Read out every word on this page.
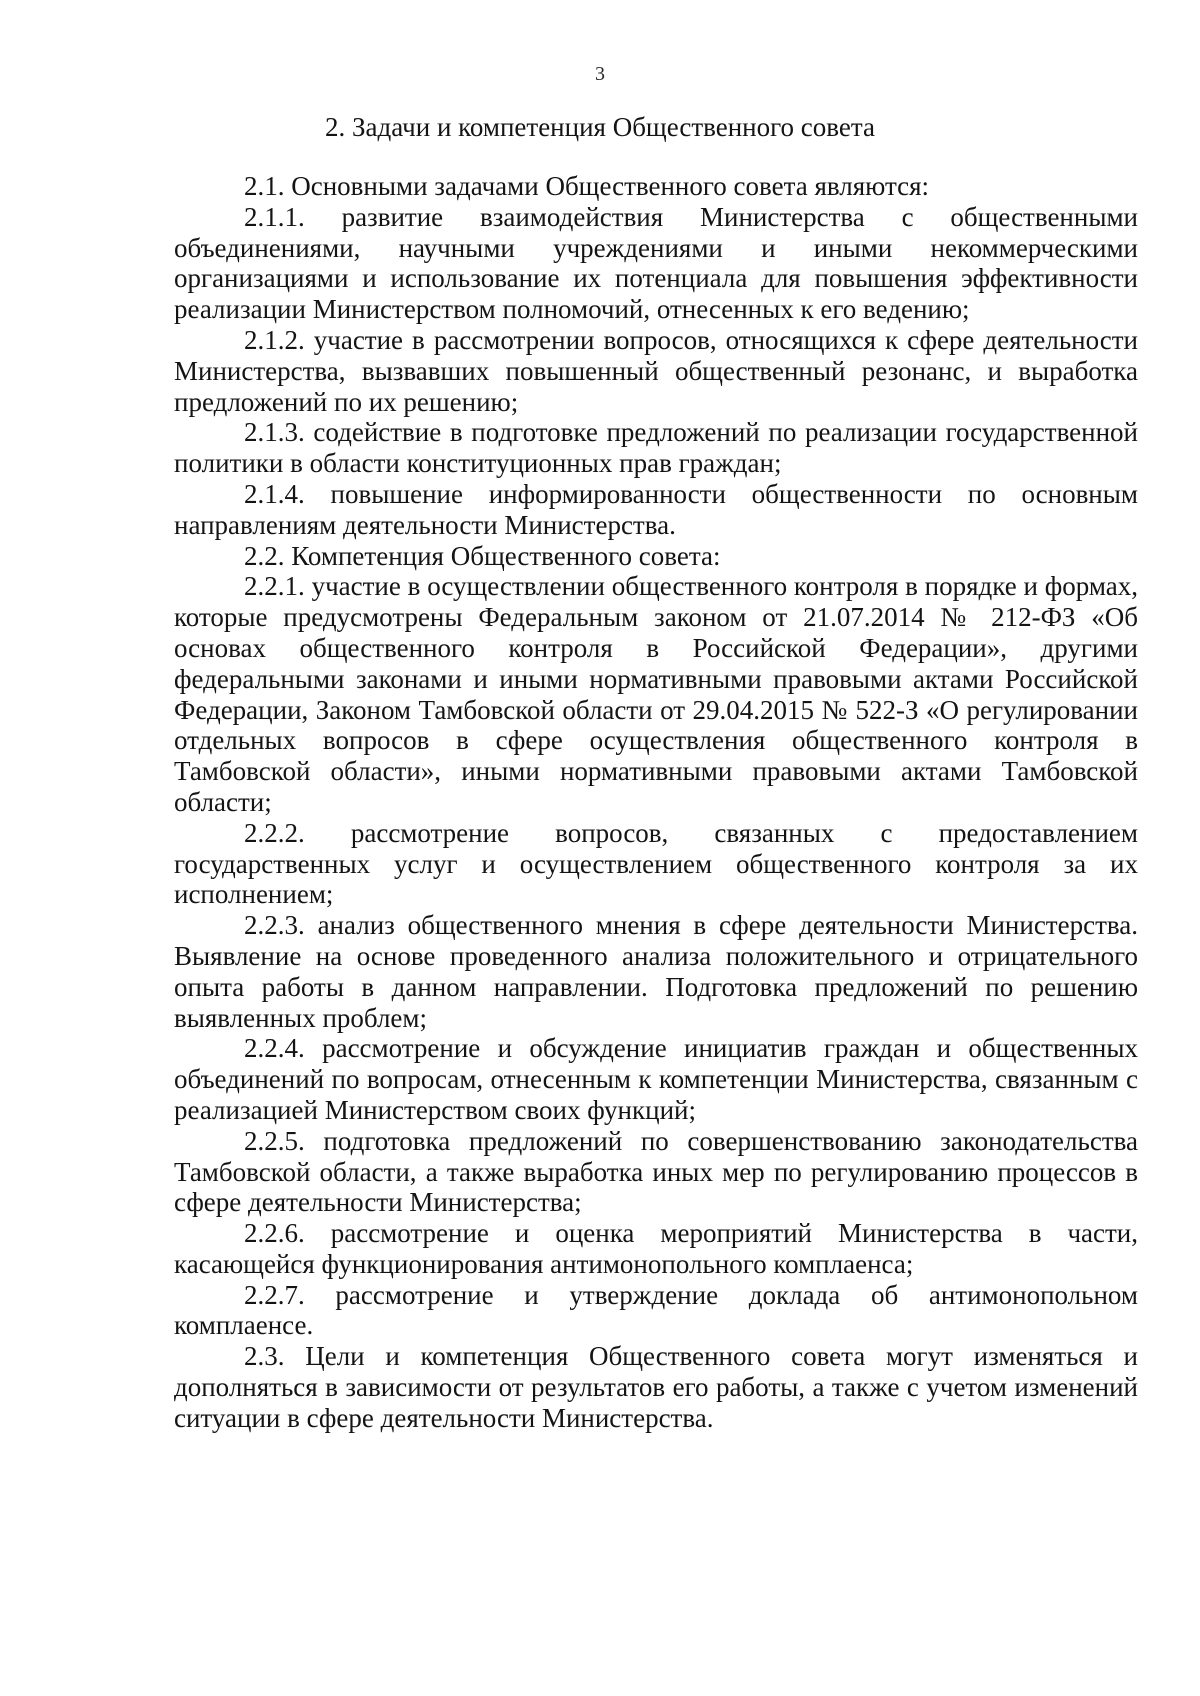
3
2. Задачи и компетенция Общественного совета

2.1. Основными задачами Общественного совета являются:

2.1.1. развитие взаимодействия Министерства с общественными объединениями, научными учреждениями и иными некоммерческими организациями и использование их потенциала для повышения эффективности реализации Министерством полномочий, отнесенных к его ведению;

2.1.2. участие в рассмотрении вопросов, относящихся к сфере деятельности Министерства, вызвавших повышенный общественный резонанс, и выработка предложений по их решению;

2.1.3. содействие в подготовке предложений по реализации государственной политики в области конституционных прав граждан;

2.1.4. повышение информированности общественности по основным направлениям деятельности Министерства.

2.2. Компетенция Общественного совета:

2.2.1. участие в осуществлении общественного контроля в порядке и формах, которые предусмотрены Федеральным законом от 21.07.2014 № 212-ФЗ «Об основах общественного контроля в Российской Федерации», другими федеральными законами и иными нормативными правовыми актами Российской Федерации, Законом Тамбовской области от 29.04.2015 № 522-З «О регулировании отдельных вопросов в сфере осуществления общественного контроля в Тамбовской области», иными нормативными правовыми актами Тамбовской области;

2.2.2. рассмотрение вопросов, связанных с предоставлением государственных услуг и осуществлением общественного контроля за их исполнением;

2.2.3. анализ общественного мнения в сфере деятельности Министерства. Выявление на основе проведенного анализа положительного и отрицательного опыта работы в данном направлении. Подготовка предложений по решению выявленных проблем;

2.2.4. рассмотрение и обсуждение инициатив граждан и общественных объединений по вопросам, отнесенным к компетенции Министерства, связанным с реализацией Министерством своих функций;

2.2.5. подготовка предложений по совершенствованию законодательства Тамбовской области, а также выработка иных мер по регулированию процессов в сфере деятельности Министерства;

2.2.6. рассмотрение и оценка мероприятий Министерства в части, касающейся функционирования антимонопольного комплаенса;

2.2.7. рассмотрение и утверждение доклада об антимонопольном комплаенсе.

2.3. Цели и компетенция Общественного совета могут изменяться и дополняться в зависимости от результатов его работы, а также с учетом изменений ситуации в сфере деятельности Министерства.
